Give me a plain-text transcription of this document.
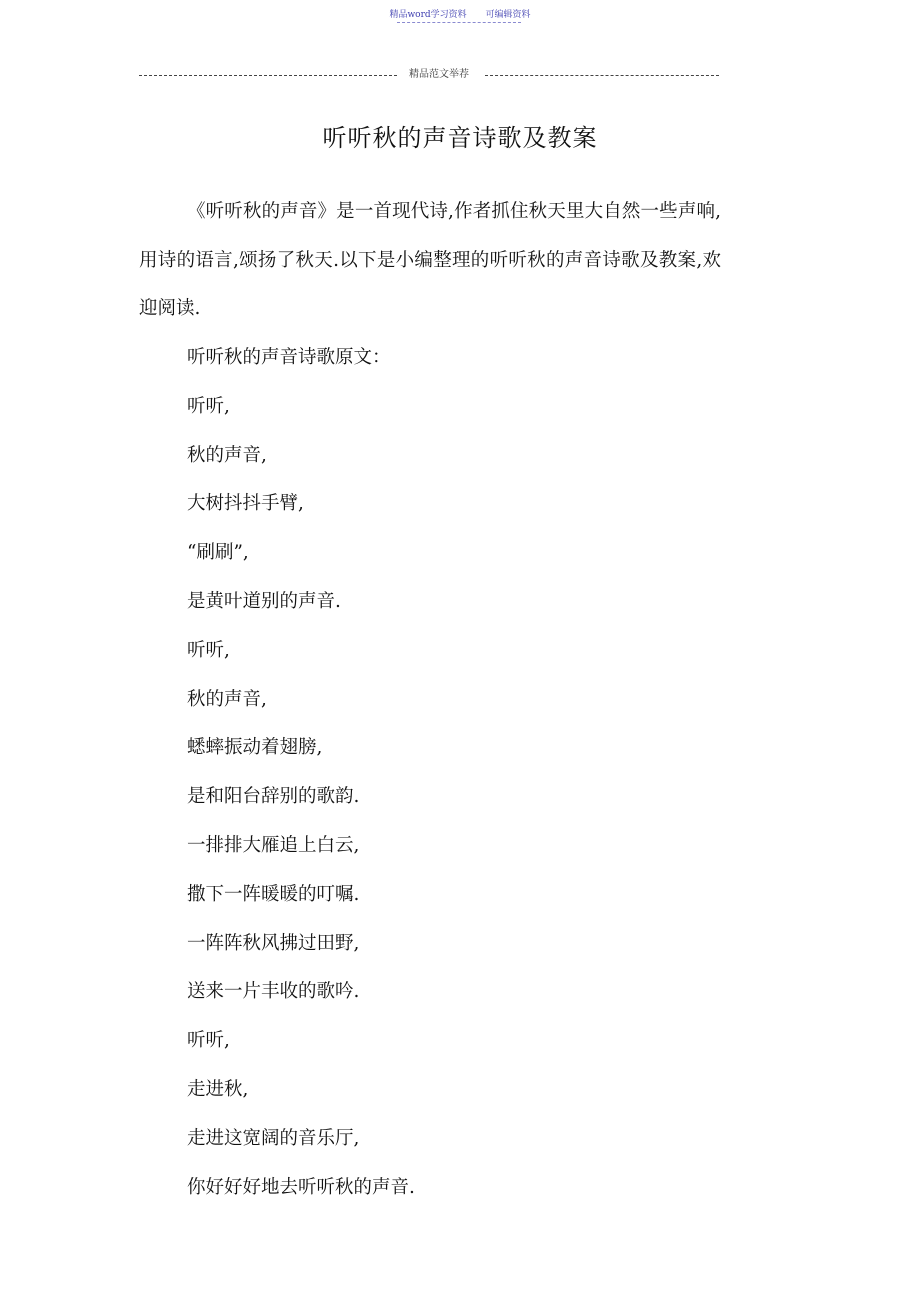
精品word学习资料 可编辑资料
精品范文举荐
听听秋的声音诗歌及教案

《听听秋的声音》是一首现代诗,作者抓住秋天里大自然一些声响,用诗的语言,颂扬了秋天.以下是小编整理的听听秋的声音诗歌及教案,欢迎阅读.

听听秋的声音诗歌原文：
听听,
秋的声音,
大树抖抖手臂,
“刷刷”,
是黄叶道别的声音.
听听,
秋的声音,
蟋蟀振动着翅膀,
是和阳台辞别的歌韵.
一排排大雁追上白云,
撒下一阵暖暖的叮嘱.
一阵阵秋风拂过田野,
送来一片丰收的歌吟.
听听,
走进秋,
走进这宽阔的音乐厅,
你好好好地去听听秋的声音.
